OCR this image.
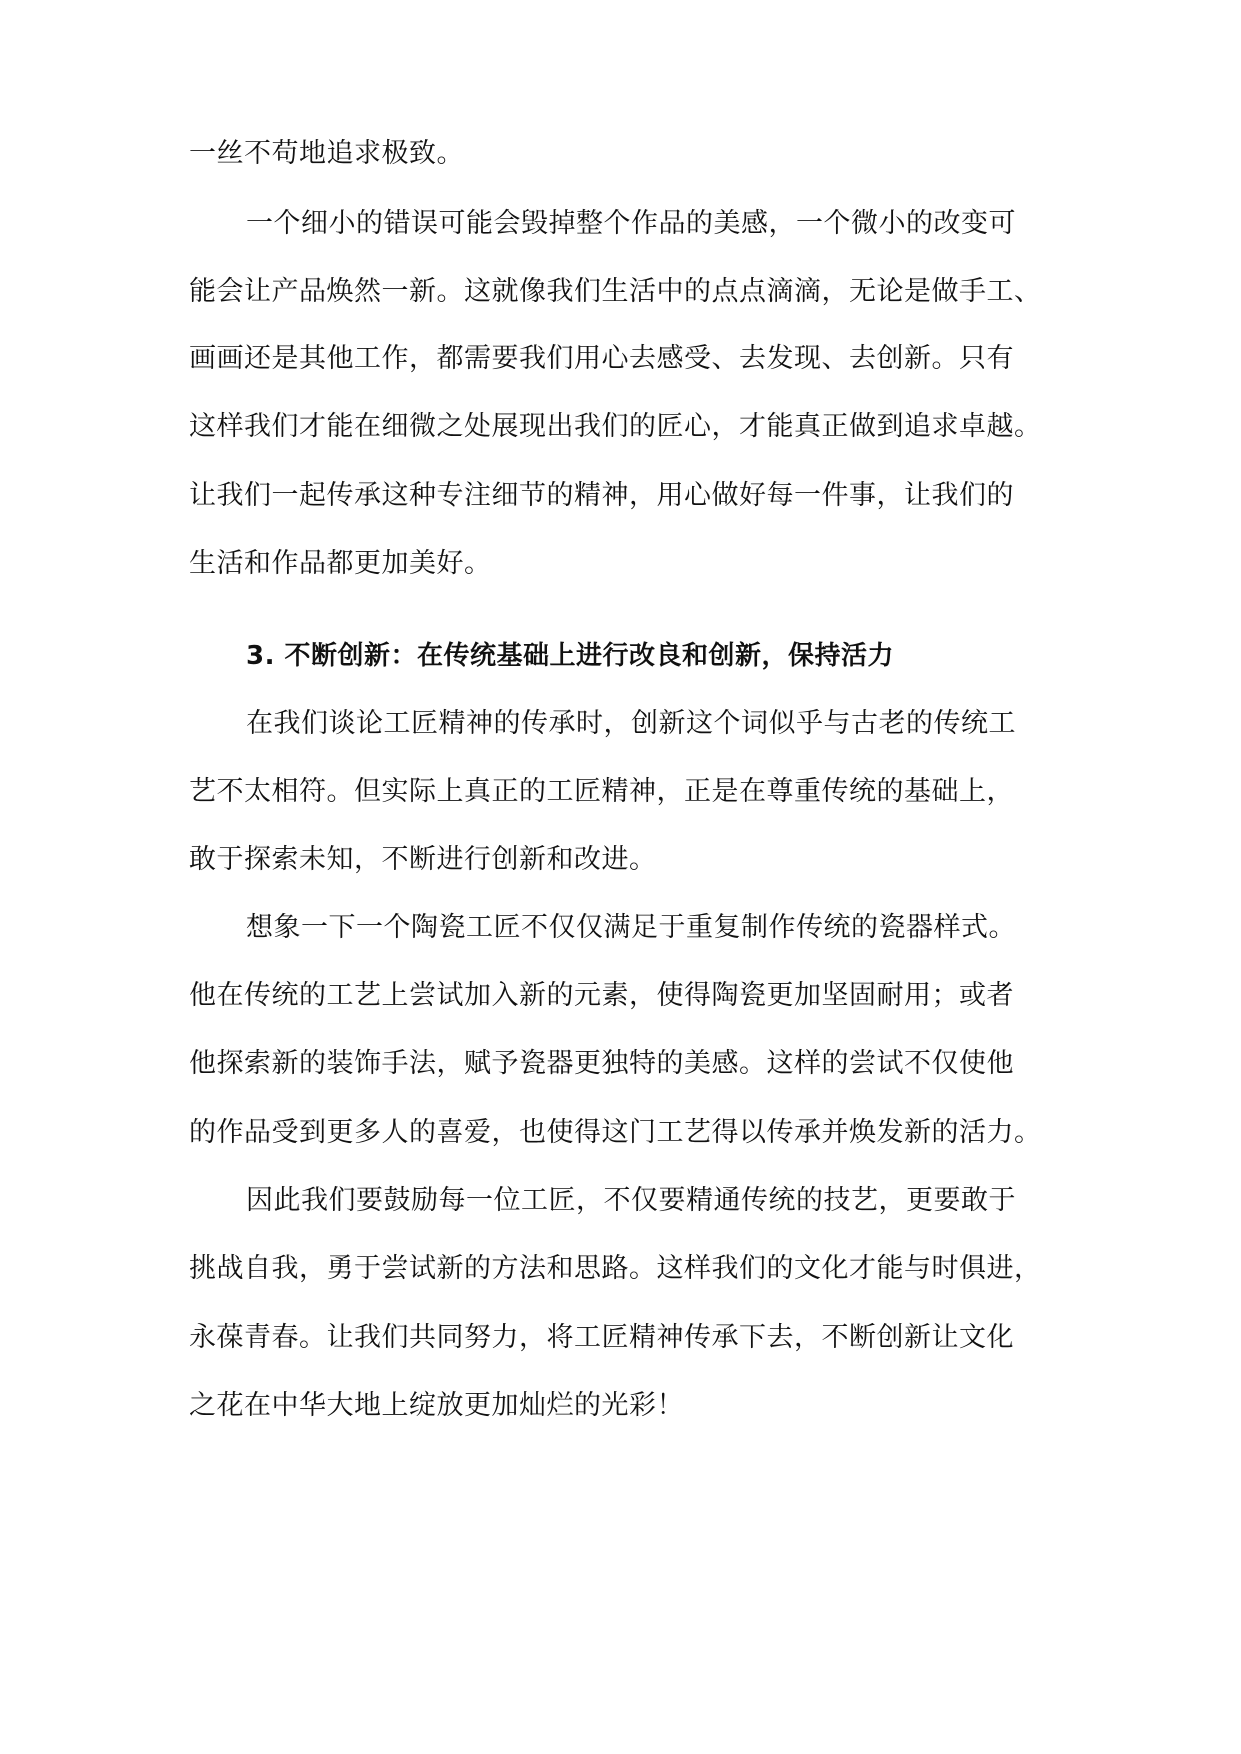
一丝不苟地追求极致。
一个细小的错误可能会毁掉整个作品的美感，一个微小的改变可
能会让产品焕然一新。这就像我们生活中的点点滴滴，无论是做手工、
画画还是其他工作，都需要我们用心去感受、去发现、去创新。只有
这样我们才能在细微之处展现出我们的匠心，才能真正做到追求卓越。
让我们一起传承这种专注细节的精神，用心做好每一件事，让我们的
生活和作品都更加美好。
3. 不断创新：在传统基础上进行改良和创新，保持活力
在我们谈论工匠精神的传承时，创新这个词似乎与古老的传统工
艺不太相符。但实际上真正的工匠精神，正是在尊重传统的基础上，
敢于探索未知，不断进行创新和改进。
想象一下一个陶瓷工匠不仅仅满足于重复制作传统的瓷器样式。
他在传统的工艺上尝试加入新的元素，使得陶瓷更加坚固耐用；或者
他探索新的装饰手法，赋予瓷器更独特的美感。这样的尝试不仅使他
的作品受到更多人的喜爱，也使得这门工艺得以传承并焕发新的活力。
因此我们要鼓励每一位工匠，不仅要精通传统的技艺，更要敢于
挑战自我，勇于尝试新的方法和思路。这样我们的文化才能与时俱进，
永葆青春。让我们共同努力，将工匠精神传承下去，不断创新让文化
之花在中华大地上绽放更加灿烂的光彩！
